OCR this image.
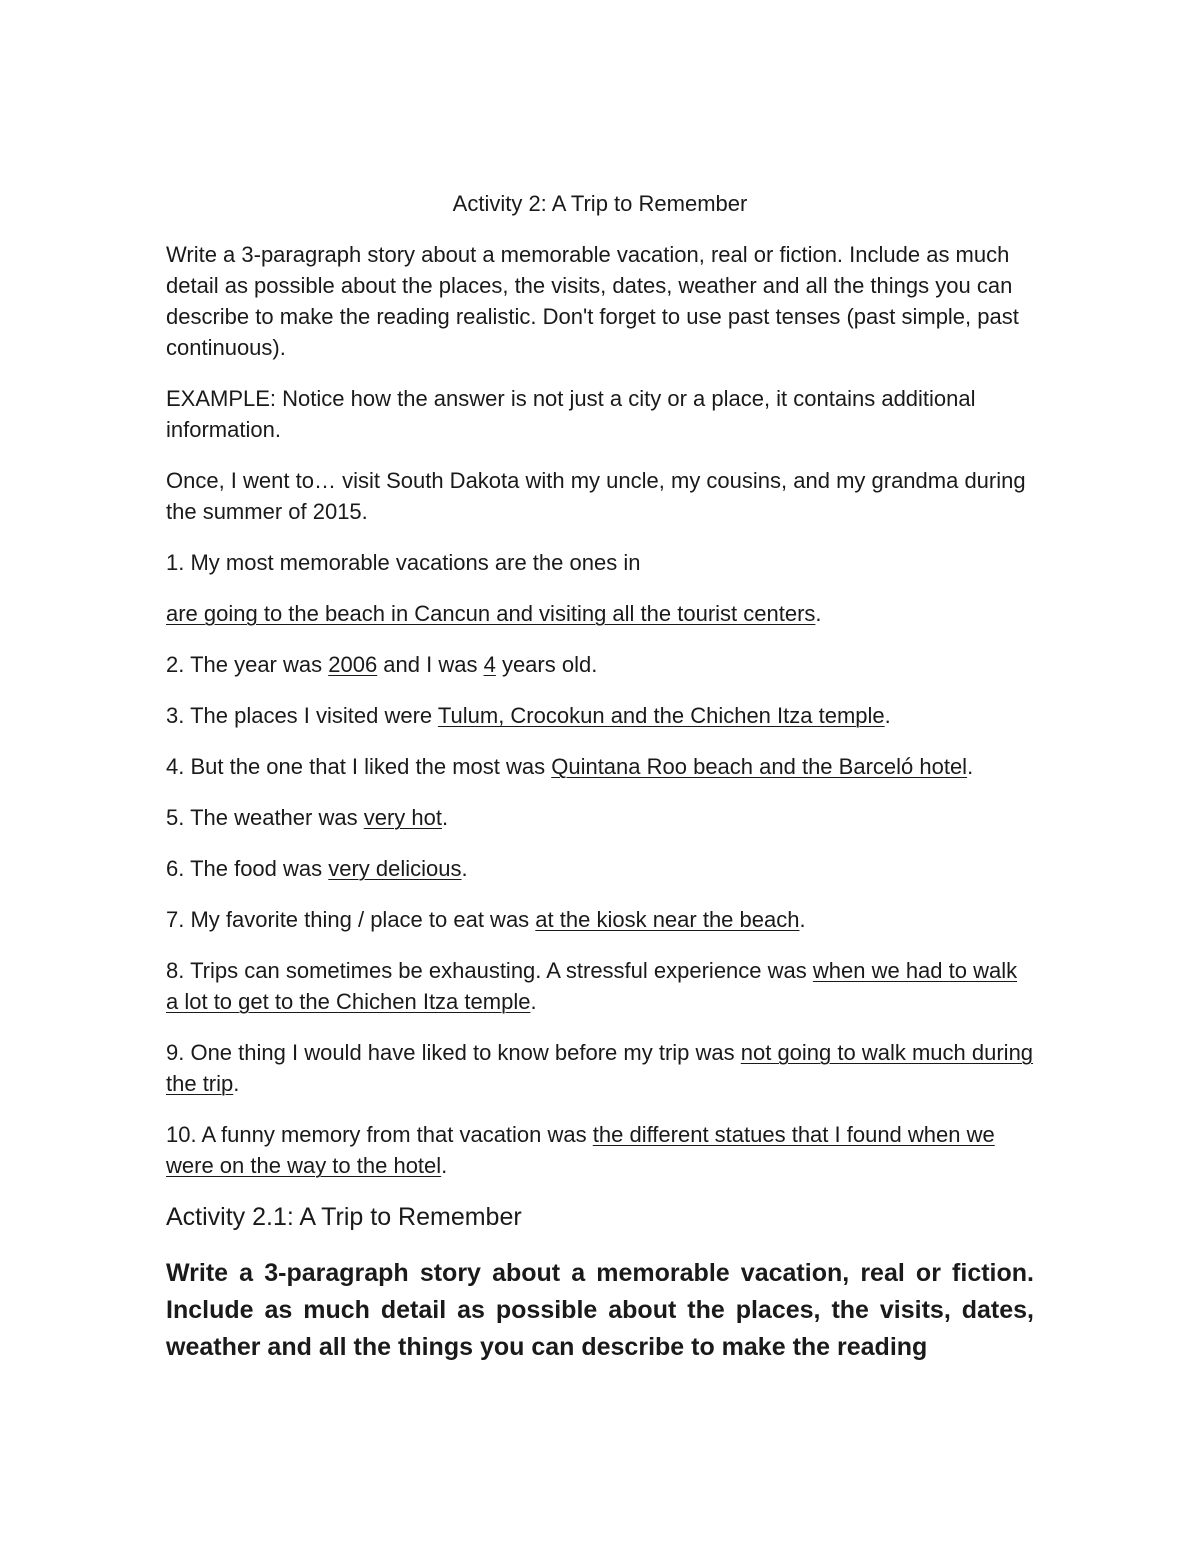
Activity 2: A Trip to Remember
Write a 3-paragraph story about a memorable vacation, real or fiction. Include as much detail as possible about the places, the visits, dates, weather and all the things you can describe to make the reading realistic. Don't forget to use past tenses (past simple, past continuous).
EXAMPLE: Notice how the answer is not just a city or a place, it contains additional information.
Once, I went to… visit South Dakota with my uncle, my cousins, and my grandma during the summer of 2015.
1. My most memorable vacations are the ones in
are going to the beach in Cancun and visiting all the tourist centers.
2. The year was 2006 and I was 4 years old.
3. The places I visited were Tulum, Crocokun and the Chichen Itza temple.
4. But the one that I liked the most was Quintana Roo beach and the Barceló hotel.
5. The weather was very hot.
6. The food was very delicious.
7. My favorite thing / place to eat was at the kiosk near the beach.
8. Trips can sometimes be exhausting. A stressful experience was when we had to walk a lot to get to the Chichen Itza temple.
9. One thing I would have liked to know before my trip was not going to walk much during the trip.
10. A funny memory from that vacation was the different statues that I found when we were on the way to the hotel.
Activity 2.1: A Trip to Remember
Write a 3-paragraph story about a memorable vacation, real or fiction. Include as much detail as possible about the places, the visits, dates, weather and all the things you can describe to make the reading
